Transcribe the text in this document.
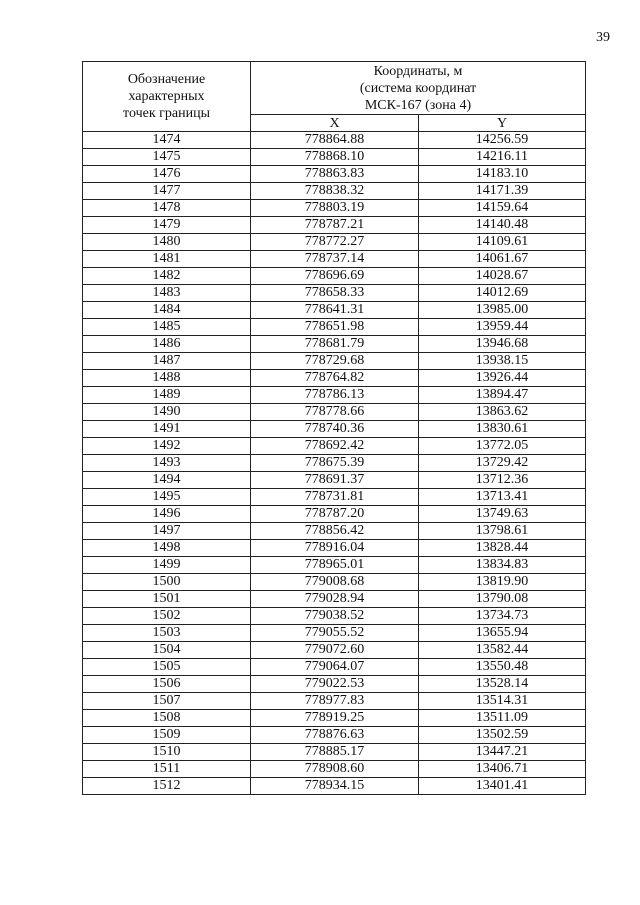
39
Обозначение
характерных
точек границы	Координаты, м
(система координат
МСК-167 (зона 4)	

	X	Y
1474	778864.88	14256.59
1475	778868.10	14216.11
1476	778863.83	14183.10
1477	778838.32	14171.39
1478	778803.19	14159.64
1479	778787.21	14140.48
1480	778772.27	14109.61
1481	778737.14	14061.67
1482	778696.69	14028.67
1483	778658.33	14012.69
1484	778641.31	13985.00
1485	778651.98	13959.44
1486	778681.79	13946.68
1487	778729.68	13938.15
1488	778764.82	13926.44
1489	778786.13	13894.47
1490	778778.66	13863.62
1491	778740.36	13830.61
1492	778692.42	13772.05
1493	778675.39	13729.42
1494	778691.37	13712.36
1495	778731.81	13713.41
1496	778787.20	13749.63
1497	778856.42	13798.61
1498	778916.04	13828.44
1499	778965.01	13834.83
1500	779008.68	13819.90
1501	779028.94	13790.08
1502	779038.52	13734.73
1503	779055.52	13655.94
1504	779072.60	13582.44
1505	779064.07	13550.48
1506	779022.53	13528.14
1507	778977.83	13514.31
1508	778919.25	13511.09
1509	778876.63	13502.59
1510	778885.17	13447.21
1511	778908.60	13406.71
1512	778934.15	13401.41
